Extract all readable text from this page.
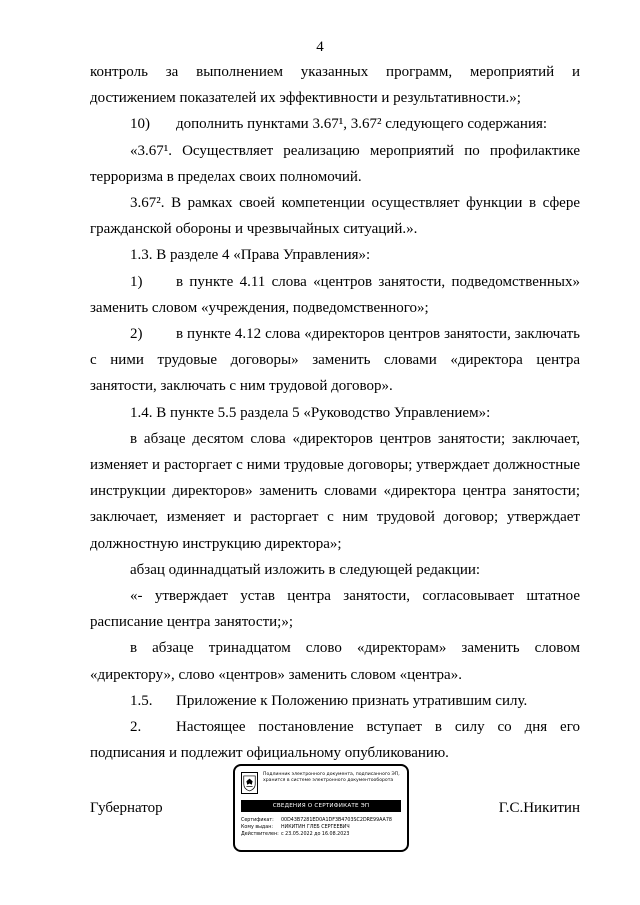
4

контроль за выполнением указанных программ, мероприятий и достижением показателей их эффективности и результативности.»;

10) дополнить пунктами 3.67¹, 3.67² следующего содержания:

«3.67¹. Осуществляет реализацию мероприятий по профилактике терроризма в пределах своих полномочий.

3.67². В рамках своей компетенции осуществляет функции в сфере гражданской обороны и чрезвычайных ситуаций.».

1.3. В разделе 4 «Права Управления»:

1) в пункте 4.11 слова «центров занятости, подведомственных» заменить словом «учреждения, подведомственного»;

2) в пункте 4.12 слова «директоров центров занятости, заключать с ними трудовые договоры» заменить словами «директора центра занятости, заключать с ним трудовой договор».

1.4. В пункте 5.5 раздела 5 «Руководство Управлением»:

в абзаце десятом слова «директоров центров занятости; заключает, изменяет и расторгает с ними трудовые договоры; утверждает должностные инструкции директоров» заменить словами «директора центра занятости; заключает, изменяет и расторгает с ним трудовой договор; утверждает должностную инструкцию директора»;

абзац одиннадцатый изложить в следующей редакции:

«- утверждает устав центра занятости, согласовывает штатное расписание центра занятости;»;

в абзаце тринадцатом слово «директорам» заменить словом «директору», слово «центров» заменить словом «центра».

1.5. Приложение к Положению признать утратившим силу.

2. Настоящее постановление вступает в силу со дня его подписания и подлежит официальному опубликованию.

Губернатор	Г.С.Никитин
Подлинник электронного документа, подписанного ЭП, хранится в системе электронного документооборота
СВЕДЕНИЯ О СЕРТИФИКАТЕ ЭП
Сертификат: 00D43B7281ED0A1DF3B4703SC2DRE99AA78
Кому выдан: НИКИТИН ГЛЕБ СЕРГЕЕВИЧ
Действителен: с 23.05.2022 до 16.08.2023
